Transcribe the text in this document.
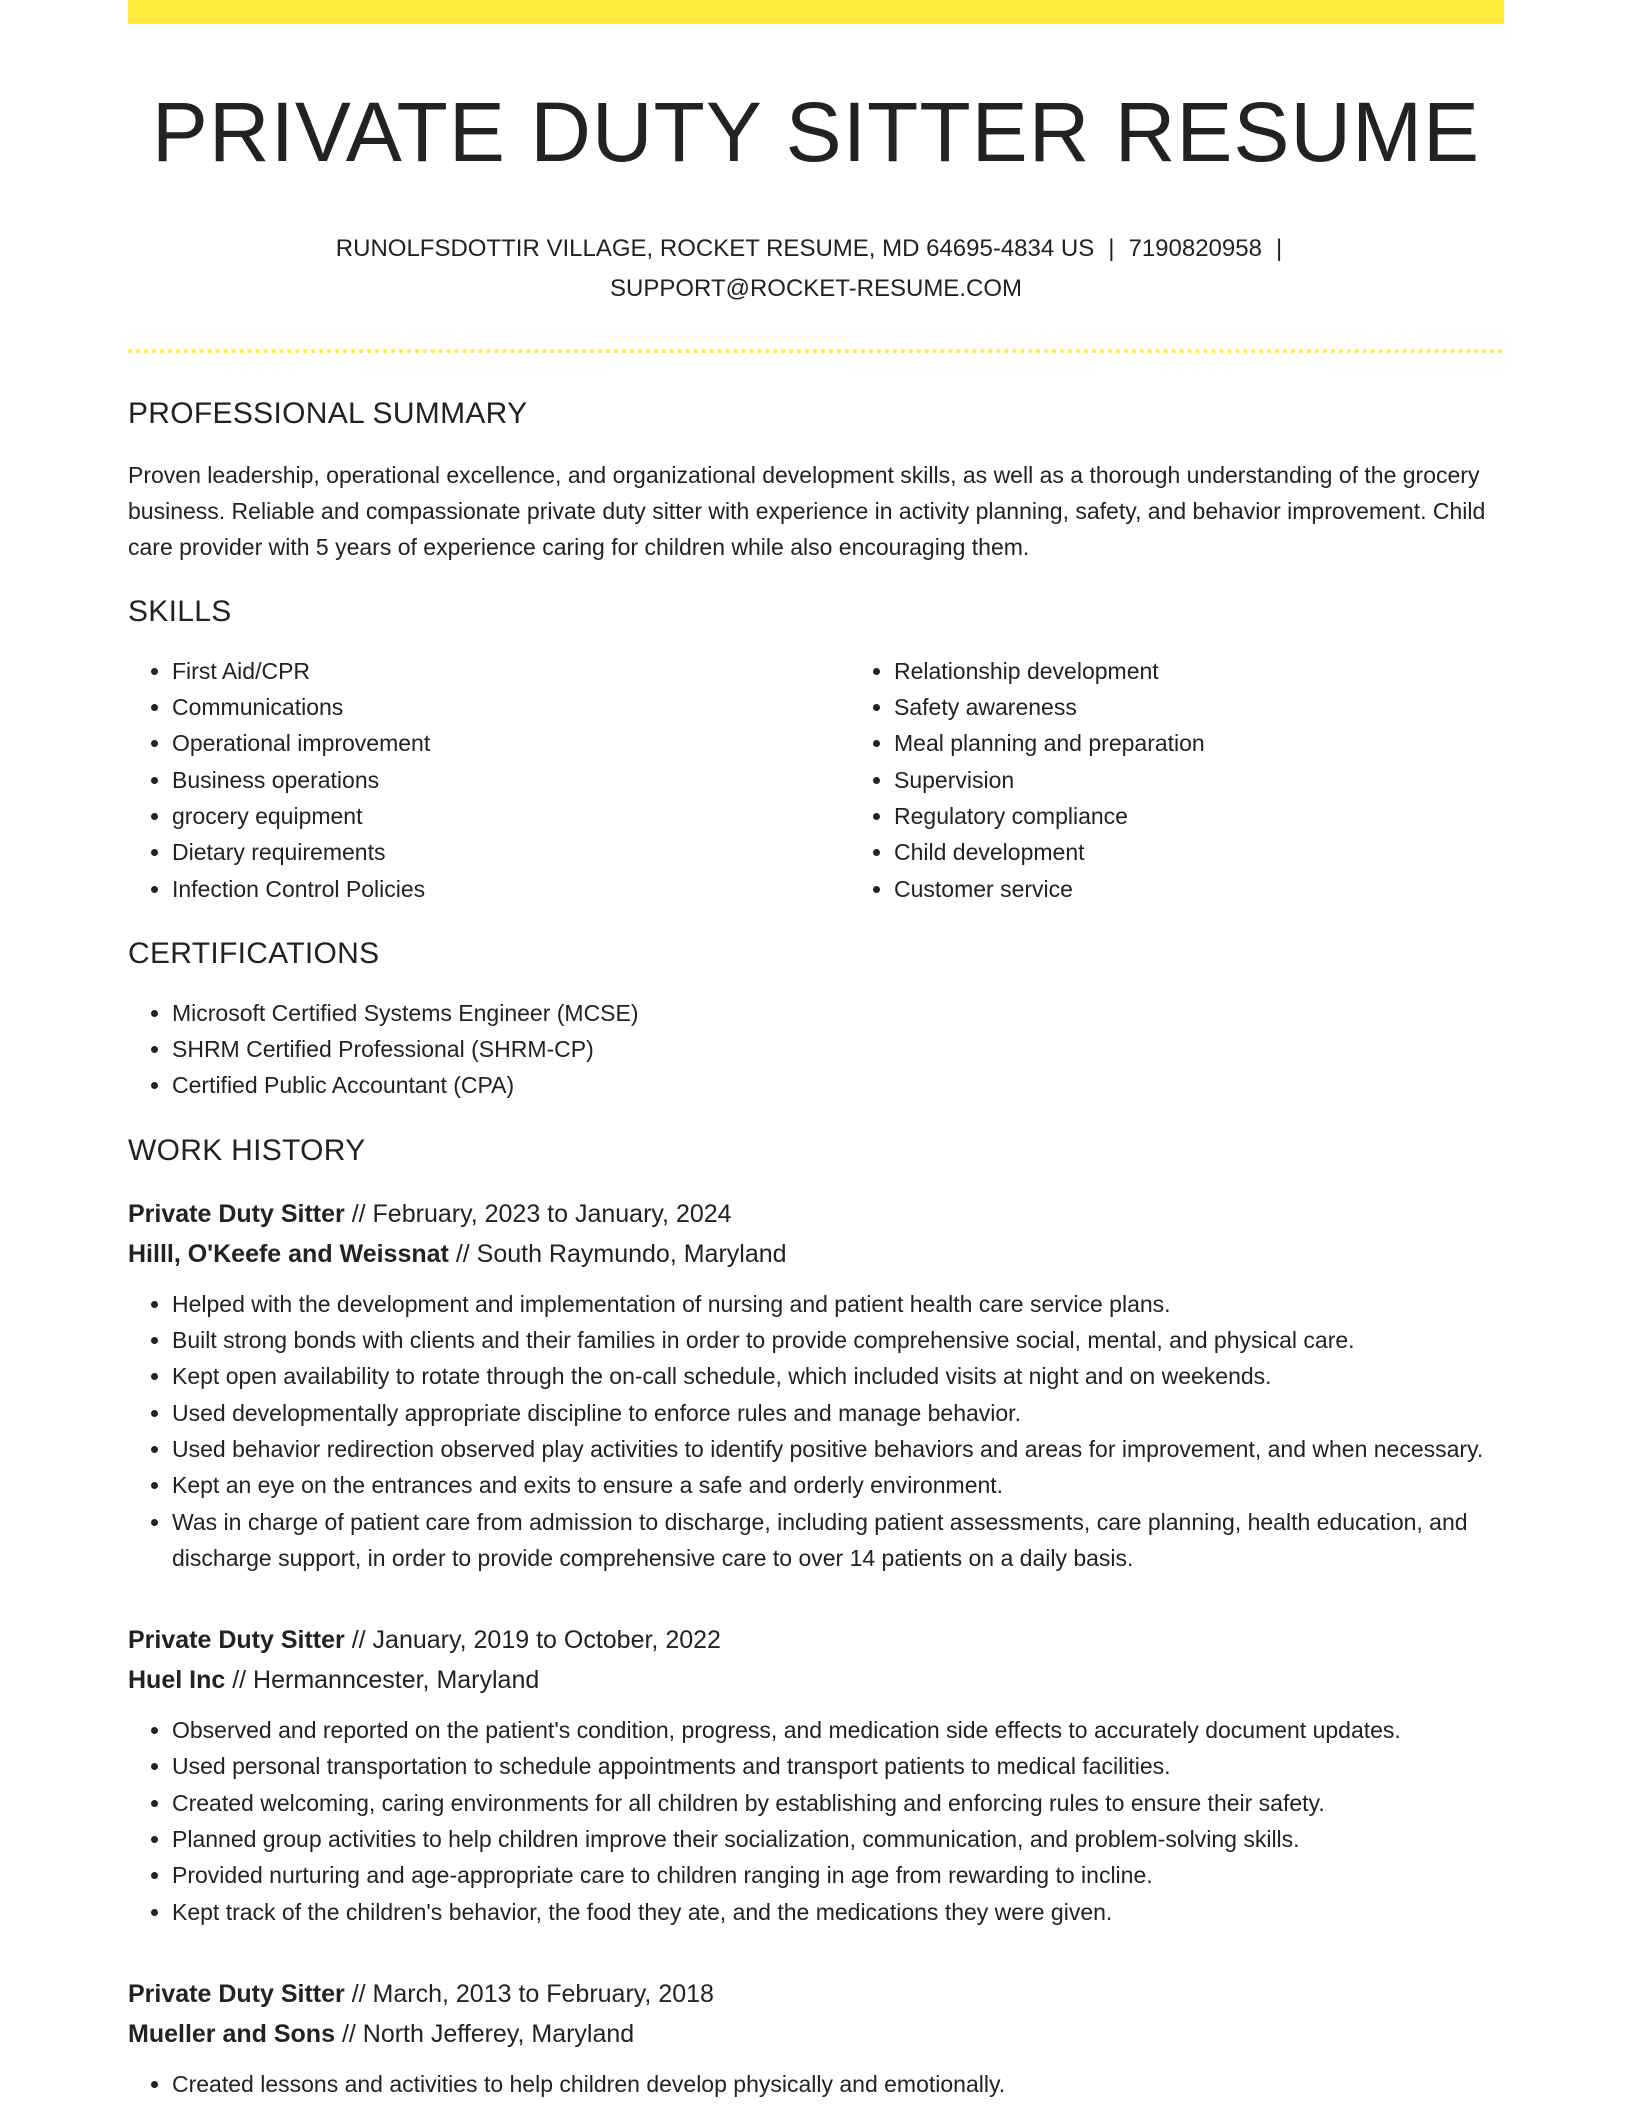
PRIVATE DUTY SITTER RESUME
RUNOLFSDOTTIR VILLAGE, ROCKET RESUME, MD 64695-4834 US | 7190820958 |
SUPPORT@ROCKET-RESUME.COM
PROFESSIONAL SUMMARY

Proven leadership, operational excellence, and organizational development skills, as well as a thorough understanding of the grocery business. Reliable and compassionate private duty sitter with experience in activity planning, safety, and behavior improvement. Child care provider with 5 years of experience caring for children while also encouraging them.

SKILLS
• First Aid/CPR
• Communications
• Operational improvement
• Business operations
• grocery equipment
• Dietary requirements
• Infection Control Policies
• Relationship development
• Safety awareness
• Meal planning and preparation
• Supervision
• Regulatory compliance
• Child development
• Customer service
CERTIFICATIONS
• Microsoft Certified Systems Engineer (MCSE)
• SHRM Certified Professional (SHRM-CP)
• Certified Public Accountant (CPA)
WORK HISTORY
Private Duty Sitter // February, 2023 to January, 2024
Hilll, O'Keefe and Weissnat // South Raymundo, Maryland
• Helped with the development and implementation of nursing and patient health care service plans.
• Built strong bonds with clients and their families in order to provide comprehensive social, mental, and physical care.
• Kept open availability to rotate through the on-call schedule, which included visits at night and on weekends.
• Used developmentally appropriate discipline to enforce rules and manage behavior.
• Used behavior redirection observed play activities to identify positive behaviors and areas for improvement, and when necessary.
• Kept an eye on the entrances and exits to ensure a safe and orderly environment.
• Was in charge of patient care from admission to discharge, including patient assessments, care planning, health education, and discharge support, in order to provide comprehensive care to over 14 patients on a daily basis.
Private Duty Sitter // January, 2019 to October, 2022
Huel Inc // Hermanncester, Maryland
• Observed and reported on the patient's condition, progress, and medication side effects to accurately document updates.
• Used personal transportation to schedule appointments and transport patients to medical facilities.
• Created welcoming, caring environments for all children by establishing and enforcing rules to ensure their safety.
• Planned group activities to help children improve their socialization, communication, and problem-solving skills.
• Provided nurturing and age-appropriate care to children ranging in age from rewarding to incline.
• Kept track of the children's behavior, the food they ate, and the medications they were given.
Private Duty Sitter // March, 2013 to February, 2018
Mueller and Sons // North Jefferey, Maryland
• Created lessons and activities to help children develop physically and emotionally.
